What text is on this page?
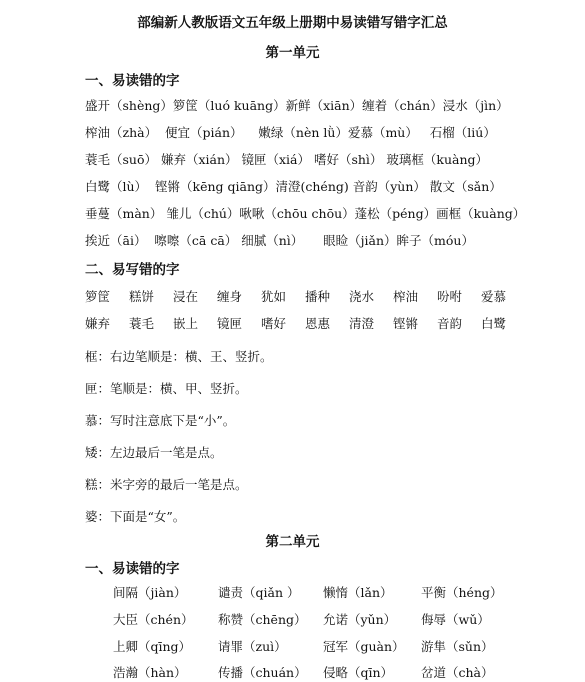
部编新人教版语文五年级上册期中易读错写错字汇总
第一单元
一、易读错的字
盛开（shèng）箩筐（luó kuāng）新鲜（xiān）缠着（chán）浸水（jìn）
榨油（zhà）  便宜（pián）    嫩绿（nèn lǜ）爱慕（mù）   石榴（liú）
蓑毛（suō） 嫌弃（xián） 镜匣（xiá） 嗜好（shì） 玻璃框（kuàng）
白鹭（lù）  铿锵（kēng qiāng）清澄(chéng) 音韵（yùn） 散文（sǎn）
垂蔓（màn） 雏儿（chú）啾啾（chōu chōu）蓬松（péng）画框（kuàng）
挨近（āi）  嚓嚓（cā cā） 细腻（nì）     眼睑（jiǎn）眸子（móu）
二、易写错的字
箩筐 糕饼 浸在 缠身 犹如 播种 浇水 榨油 吩咐 爱慕
嫌弃 蓑毛 嵌上 镜匣 嗜好 恩惠 清澄 铿锵 音韵 白鹭
框：右边笔顺是：横、王、竖折。
匣：笔顺是：横、甲、竖折。
慕：写时注意底下是“小”。
矮：左边最后一笔是点。
糕：米字旁的最后一笔是点。
婆：下面是“女”。
第二单元
一、易读错的字
间隔（jiàn）	谴责（qiǎn ） 懒惰（lǎn） 平衡（héng）
大臣（chén） 称赞（chēng） 允诺（yǔn） 侮辱（wǔ）
上卿（qīng） 请罪（zuì）	冠军（guàn） 游隼（sǔn）
浩瀚（hàn）	传播（chuán） 侵略（qīn） 岔道（chà）
